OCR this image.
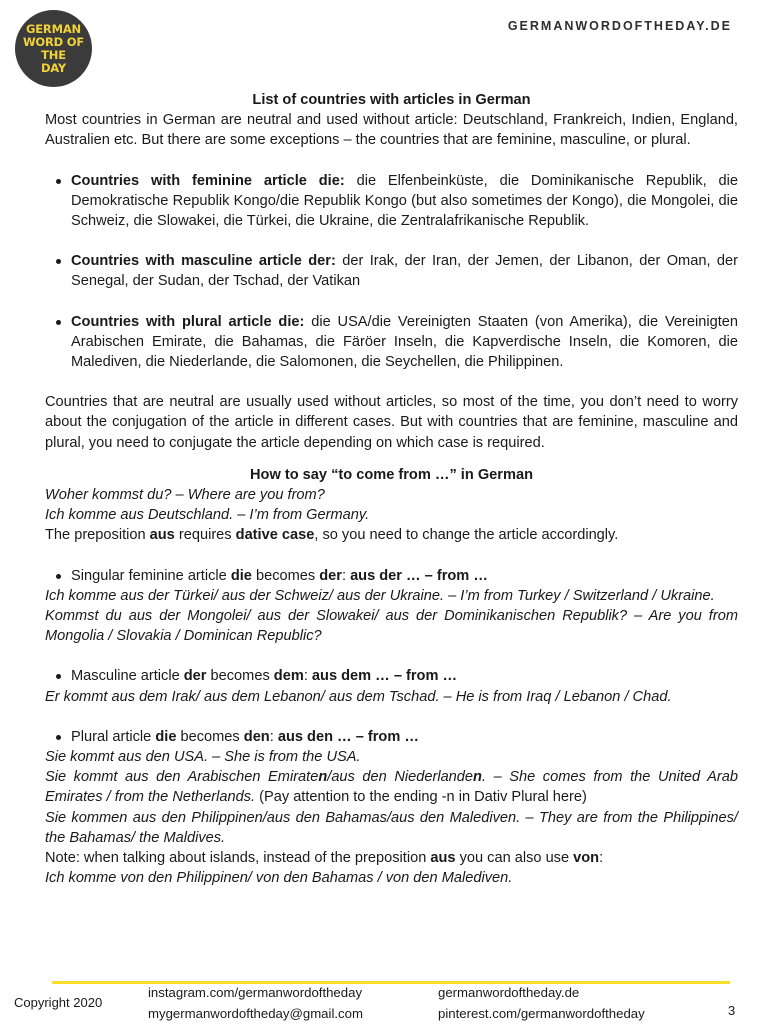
GERMAN
WORD OF THE
DAY
GERMANWORDOFTHEDAY.DE

List of countries with articles in German

Most countries in German are neutral and used without article: Deutschland, Frankreich, Indien, England, Australien etc. But there are some exceptions – the countries that are feminine, masculine, or plural.

Countries with feminine article die: die Elfenbeinküste, die Dominikanische Republik, die Demokratische Republik Kongo/die Republik Kongo (but also sometimes der Kongo), die Mongolei, die Schweiz, die Slowakei, die Türkei, die Ukraine, die Zentralafrikanische Republik.
Countries with masculine article der: der Irak, der Iran, der Jemen, der Libanon, der Oman, der Senegal, der Sudan, der Tschad, der Vatikan
Countries with plural article die: die USA/die Vereinigten Staaten (von Amerika), die Vereinigten Arabischen Emirate, die Bahamas, die Färöer Inseln, die Kapverdische Inseln, die Komoren, die Malediven, die Niederlande, die Salomonen, die Seychellen, die Philippinen.

Countries that are neutral are usually used without articles, so most of the time, you don’t need to worry about the conjugation of the article in different cases. But with countries that are feminine, masculine and plural, you need to conjugate the article depending on which case is required.

How to say “to come from …” in German

Woher kommst du? – Where are you from?

Ich komme aus Deutschland. – I’m from Germany.

The preposition aus requires dative case, so you need to change the article accordingly.

Singular feminine article die becomes der: aus der … – from …

Ich komme aus der Türkei/ aus der Schweiz/ aus der Ukraine. – I’m from Turkey / Switzerland / Ukraine.

Kommst du aus der Mongolei/ aus der Slowakei/ aus der Dominikanischen Republik? – Are you from Mongolia / Slovakia / Dominican Republic?

Masculine article der becomes dem: aus dem … – from …

Er kommt aus dem Irak/ aus dem Lebanon/ aus dem Tschad. – He is from Iraq / Lebanon / Chad.

Plural article die becomes den: aus den … – from …

Sie kommt aus den USA. – She is from the USA.

Sie kommt aus den Arabischen Emiraten/aus den Niederlanden. – She comes from the United Arab Emirates / from the Netherlands. (Pay attention to the ending -n in Dativ Plural here)

Sie kommen aus den Philippinen/aus den Bahamas/aus den Malediven. – They are from the Philippines/ the Bahamas/ the Maldives.

Note: when talking about islands, instead of the preposition aus you can also use von:

Ich komme von den Philippinen/ von den Bahamas / von den Malediven.

Copyright 2020
instagram.com/germanwordoftheday
mygermanwordoftheday@gmail.com
germanwordoftheday.de
pinterest.com/germanwordoftheday	3
